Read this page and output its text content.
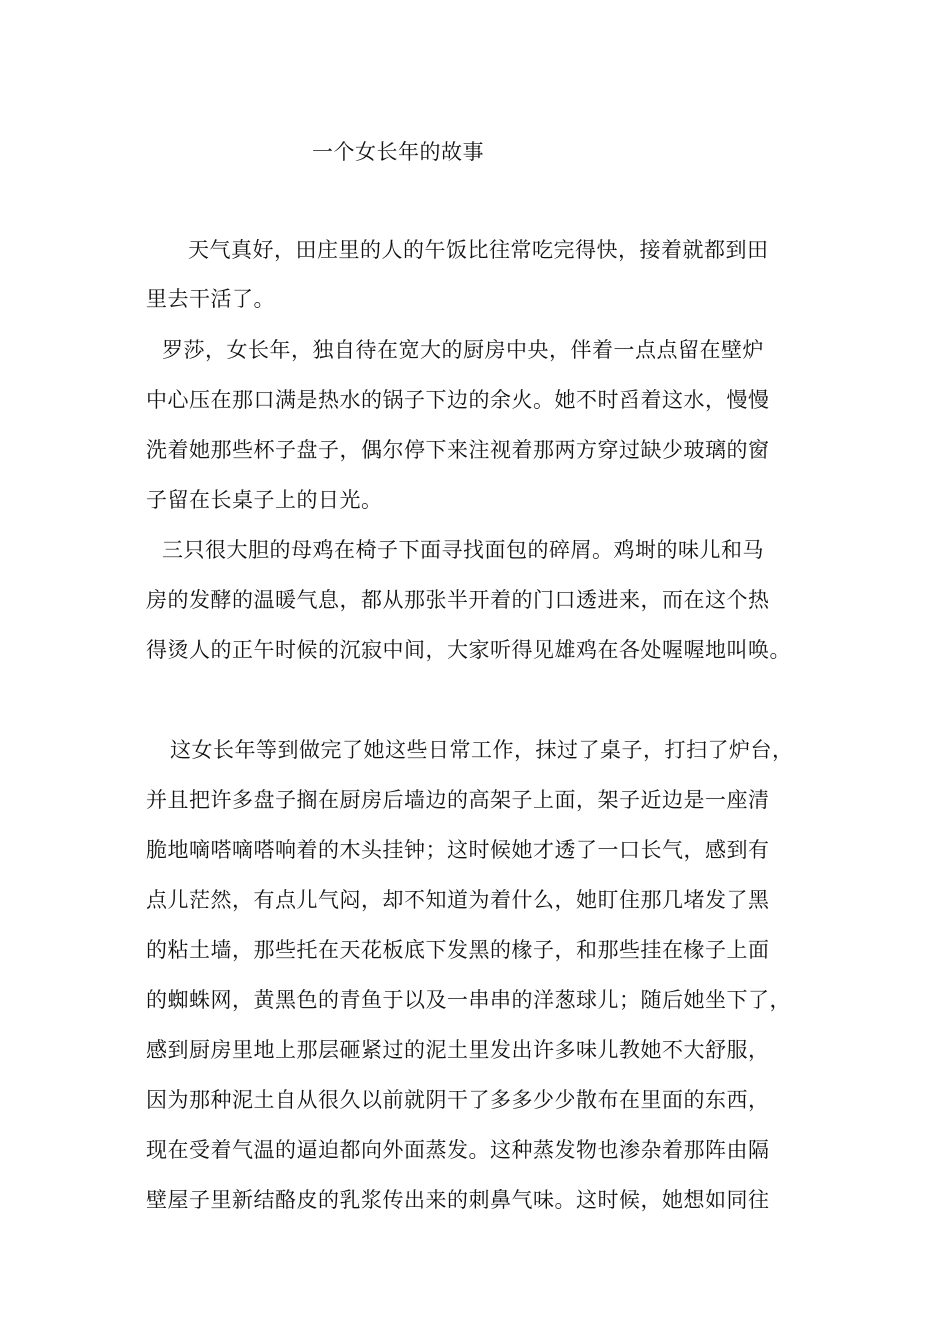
一个女长年的故事
天气真好，田庄里的人的午饭比往常吃完得快，接着就都到田
里去干活了。
罗莎，女长年，独自待在宽大的厨房中央，伴着一点点留在壁炉
中心压在那口满是热水的锅子下边的余火。她不时舀着这水，慢慢
洗着她那些杯子盘子，偶尔停下来注视着那两方穿过缺少玻璃的窗
子留在长桌子上的日光。
三只很大胆的母鸡在椅子下面寻找面包的碎屑。鸡埘的味儿和马
房的发酵的温暖气息，都从那张半开着的门口透进来，而在这个热
得烫人的正午时候的沉寂中间，大家听得见雄鸡在各处喔喔地叫唤。
这女长年等到做完了她这些日常工作，抹过了桌子，打扫了炉台，
并且把许多盘子搁在厨房后墙边的高架子上面，架子近边是一座清
脆地嘀嗒嘀嗒响着的木头挂钟；这时候她才透了一口长气，感到有
点儿茫然，有点儿气闷，却不知道为着什么，她盯住那几堵发了黑
的粘土墙，那些托在天花板底下发黑的椽子，和那些挂在椽子上面
的蜘蛛网，黄黑色的青鱼于以及一串串的洋葱球儿；随后她坐下了，
感到厨房里地上那层砸紧过的泥土里发出许多味儿教她不大舒服，
因为那种泥土自从很久以前就阴干了多多少少散布在里面的东西，
现在受着气温的逼迫都向外面蒸发。这种蒸发物也渗杂着那阵由隔
壁屋子里新结酪皮的乳浆传出来的刺鼻气味。这时候，她想如同往
